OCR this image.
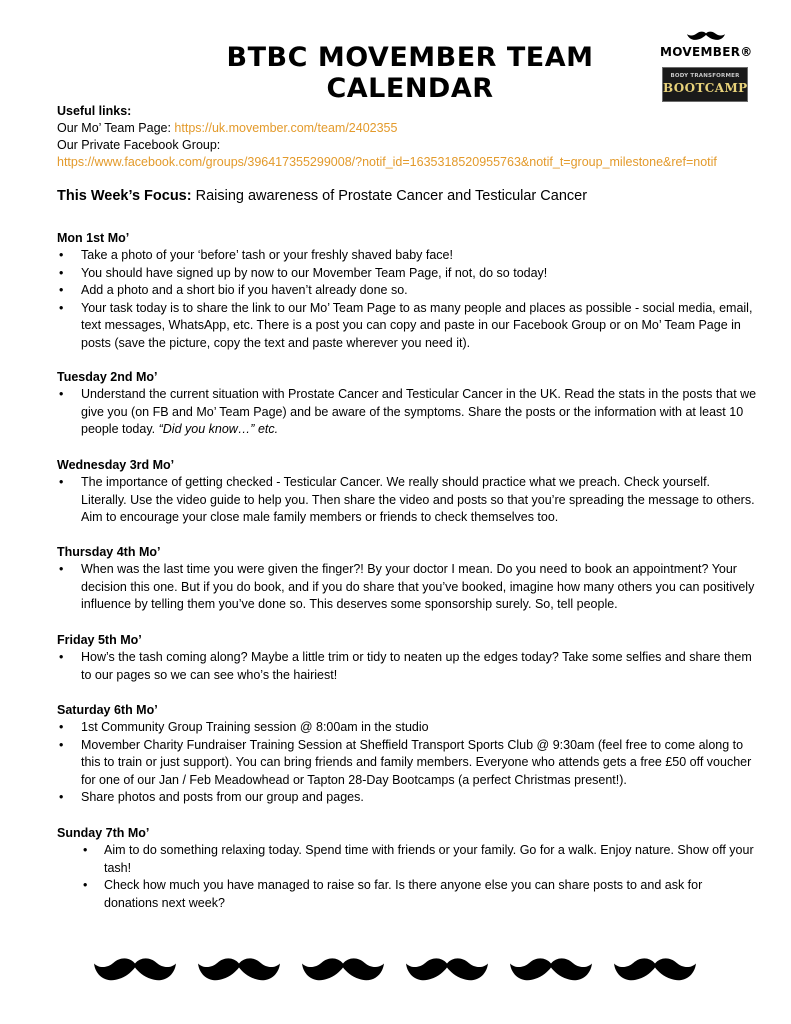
BTBC MOVEMBER TEAM CALENDAR
MOVEMBER®
BODY TRANSFORMER
BOOTCAMP
Useful links:
Our Mo’ Team Page: https://uk.movember.com/team/2402355
Our Private Facebook Group:
https://www.facebook.com/groups/396417355299008/?notif_id=1635318520955763&notif_t=group_milestone&ref=notif
This Week’s Focus: Raising awareness of Prostate Cancer and Testicular Cancer
Mon 1st Mo’
• Take a photo of your ‘before’ tash or your freshly shaved baby face!
• You should have signed up by now to our Movember Team Page, if not, do so today!
• Add a photo and a short bio if you haven’t already done so.
• Your task today is to share the link to our Mo’ Team Page to as many people and places as possible - social media, email, text messages, WhatsApp, etc. There is a post you can copy and paste in our Facebook Group or on Mo’ Team Page in posts (save the picture, copy the text and paste wherever you need it).
Tuesday 2nd Mo’
• Understand the current situation with Prostate Cancer and Testicular Cancer in the UK. Read the stats in the posts that we give you (on FB and Mo’ Team Page) and be aware of the symptoms. Share the posts or the information with at least 10 people today. “Did you know…” etc.
Wednesday 3rd Mo’
• The importance of getting checked - Testicular Cancer. We really should practice what we preach. Check yourself. Literally. Use the video guide to help you. Then share the video and posts so that you’re spreading the message to others. Aim to encourage your close male family members or friends to check themselves too.
Thursday 4th Mo’
• When was the last time you were given the finger?! By your doctor I mean. Do you need to book an appointment? Your decision this one. But if you do book, and if you do share that you’ve booked, imagine how many others you can positively influence by telling them you’ve done so. This deserves some sponsorship surely. So, tell people.
Friday 5th Mo’
• How’s the tash coming along? Maybe a little trim or tidy to neaten up the edges today? Take some selfies and share them to our pages so we can see who’s the hairiest!
Saturday 6th Mo’
• 1st Community Group Training session @ 8:00am in the studio
• Movember Charity Fundraiser Training Session at Sheffield Transport Sports Club @ 9:30am (feel free to come along to this to train or just support). You can bring friends and family members. Everyone who attends gets a free £50 off voucher for one of our Jan / Feb Meadowhead or Tapton 28-Day Bootcamps (a perfect Christmas present!).
• Share photos and posts from our group and pages.
Sunday 7th Mo’
• Aim to do something relaxing today. Spend time with friends or your family. Go for a walk. Enjoy nature. Show off your tash!
• Check how much you have managed to raise so far. Is there anyone else you can share posts to and ask for donations next week?
